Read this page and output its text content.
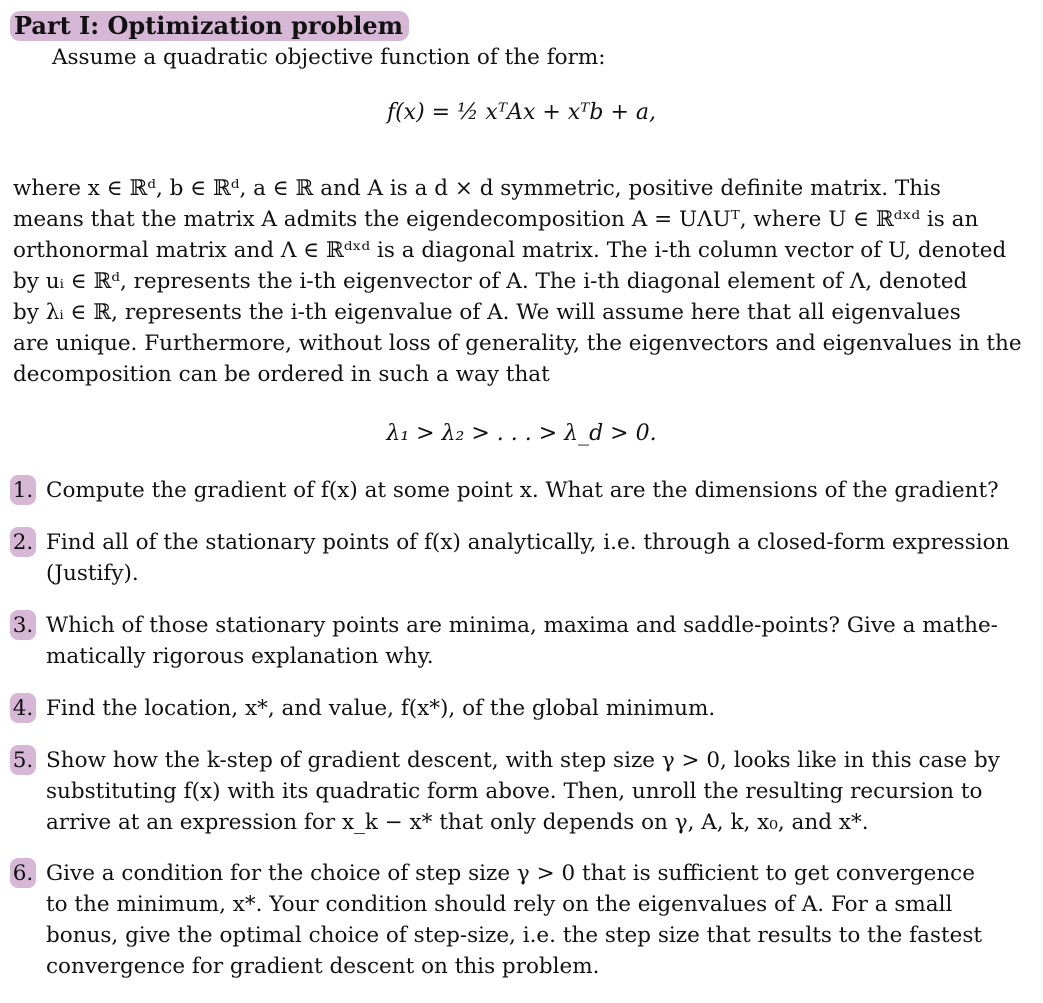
Part I: Optimization problem
Assume a quadratic objective function of the form:
f(x) = ½ xᵀAx + xᵀb + a,
where x ∈ ℝᵈ, b ∈ ℝᵈ, a ∈ ℝ and A is a d × d symmetric, positive definite matrix. This
means that the matrix A admits the eigendecomposition A = UΛUᵀ, where U ∈ ℝᵈˣᵈ is an
orthonormal matrix and Λ ∈ ℝᵈˣᵈ is a diagonal matrix. The i-th column vector of U, denoted
by uᵢ ∈ ℝᵈ, represents the i-th eigenvector of A. The i-th diagonal element of Λ, denoted
by λᵢ ∈ ℝ, represents the i-th eigenvalue of A. We will assume here that all eigenvalues
are unique. Furthermore, without loss of generality, the eigenvectors and eigenvalues in the
decomposition can be ordered in such a way that
λ₁ > λ₂ > . . . > λ_d > 0.
1. Compute the gradient of f(x) at some point x. What are the dimensions of the gradient?
2. Find all of the stationary points of f(x) analytically, i.e. through a closed-form expression
(Justify).
3. Which of those stationary points are minima, maxima and saddle-points? Give a mathe-
matically rigorous explanation why.
4. Find the location, x*, and value, f(x*), of the global minimum.
5. Show how the k-step of gradient descent, with step size γ > 0, looks like in this case by
substituting f(x) with its quadratic form above. Then, unroll the resulting recursion to
arrive at an expression for x_k − x* that only depends on γ, A, k, x₀, and x*.
6. Give a condition for the choice of step size γ > 0 that is sufficient to get convergence
to the minimum, x*. Your condition should rely on the eigenvalues of A. For a small
bonus, give the optimal choice of step-size, i.e. the step size that results to the fastest
convergence for gradient descent on this problem.
